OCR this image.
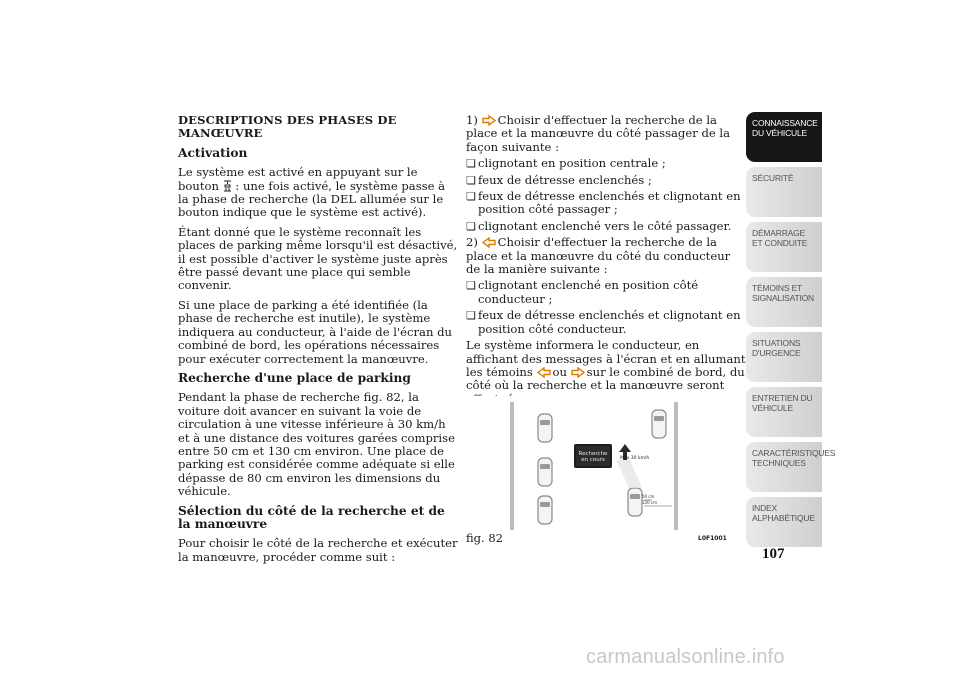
DESCRIPTIONS DES PHASES DE MANŒUVRE
Activation

Le système est activé en appuyant sur le bouton : une fois activé, le système passe à la phase de recherche (la DEL allumée sur le bouton indique que le système est activé).

Étant donné que le système reconnaît les places de parking même lorsqu'il est désactivé, il est possible d'activer le système juste après être passé devant une place qui semble convenir.

Si une place de parking a été identifiée (la phase de recherche est inutile), le système indiquera au conducteur, à l'aide de l'écran du combiné de bord, les opérations nécessaires pour exécuter correctement la manœuvre.

Recherche d'une place de parking

Pendant la phase de recherche fig. 82, la voiture doit avancer en suivant la voie de circulation à une vitesse inférieure à 30 km/h et à une distance des voitures garées comprise entre 50 cm et 130 cm environ. Une place de parking est considérée comme adéquate si elle dépasse de 80 cm environ les dimensions du véhicule.

Sélection du côté de la recherche et de la manœuvre

Pour choisir le côté de la recherche et exécuter la manœuvre, procéder comme suit :

1) Choisir d'effectuer la recherche de la place et la manœuvre du côté passager de la façon suivante :

❏ clignotant en position centrale ;
❏ feux de détresse enclenchés ;
❏ feux de détresse enclenchés et clignotant en position côté passager ;
❏ clignotant enclenché vers le côté passager.

2) Choisir d'effectuer la recherche de la place et la manœuvre du côté du conducteur de la manière suivante :

❏ clignotant enclenché en position côté conducteur ;
❏ feux de détresse enclenchés et clignotant en position côté conducteur.

Le système informera le conducteur, en affichant des messages à l'écran et en allumant les témoins ou sur le combiné de bord, du côté où la recherche et la manœuvre seront

Recherche
en cours	Max 30 km/h
50 cm
130 cm
fig. 82	L0F1001
CONNAISSANCE DU VÉHICULE
SÉCURITÉ
DÉMARRAGE ET CONDUITE
TÉMOINS ET SIGNALISATION
SITUATIONS D'URGENCE
ENTRETIEN DU VÉHICULE
CARACTÉRISTIQUES TECHNIQUES
INDEX ALPHABÉTIQUE
107
carmanualsonline.info
